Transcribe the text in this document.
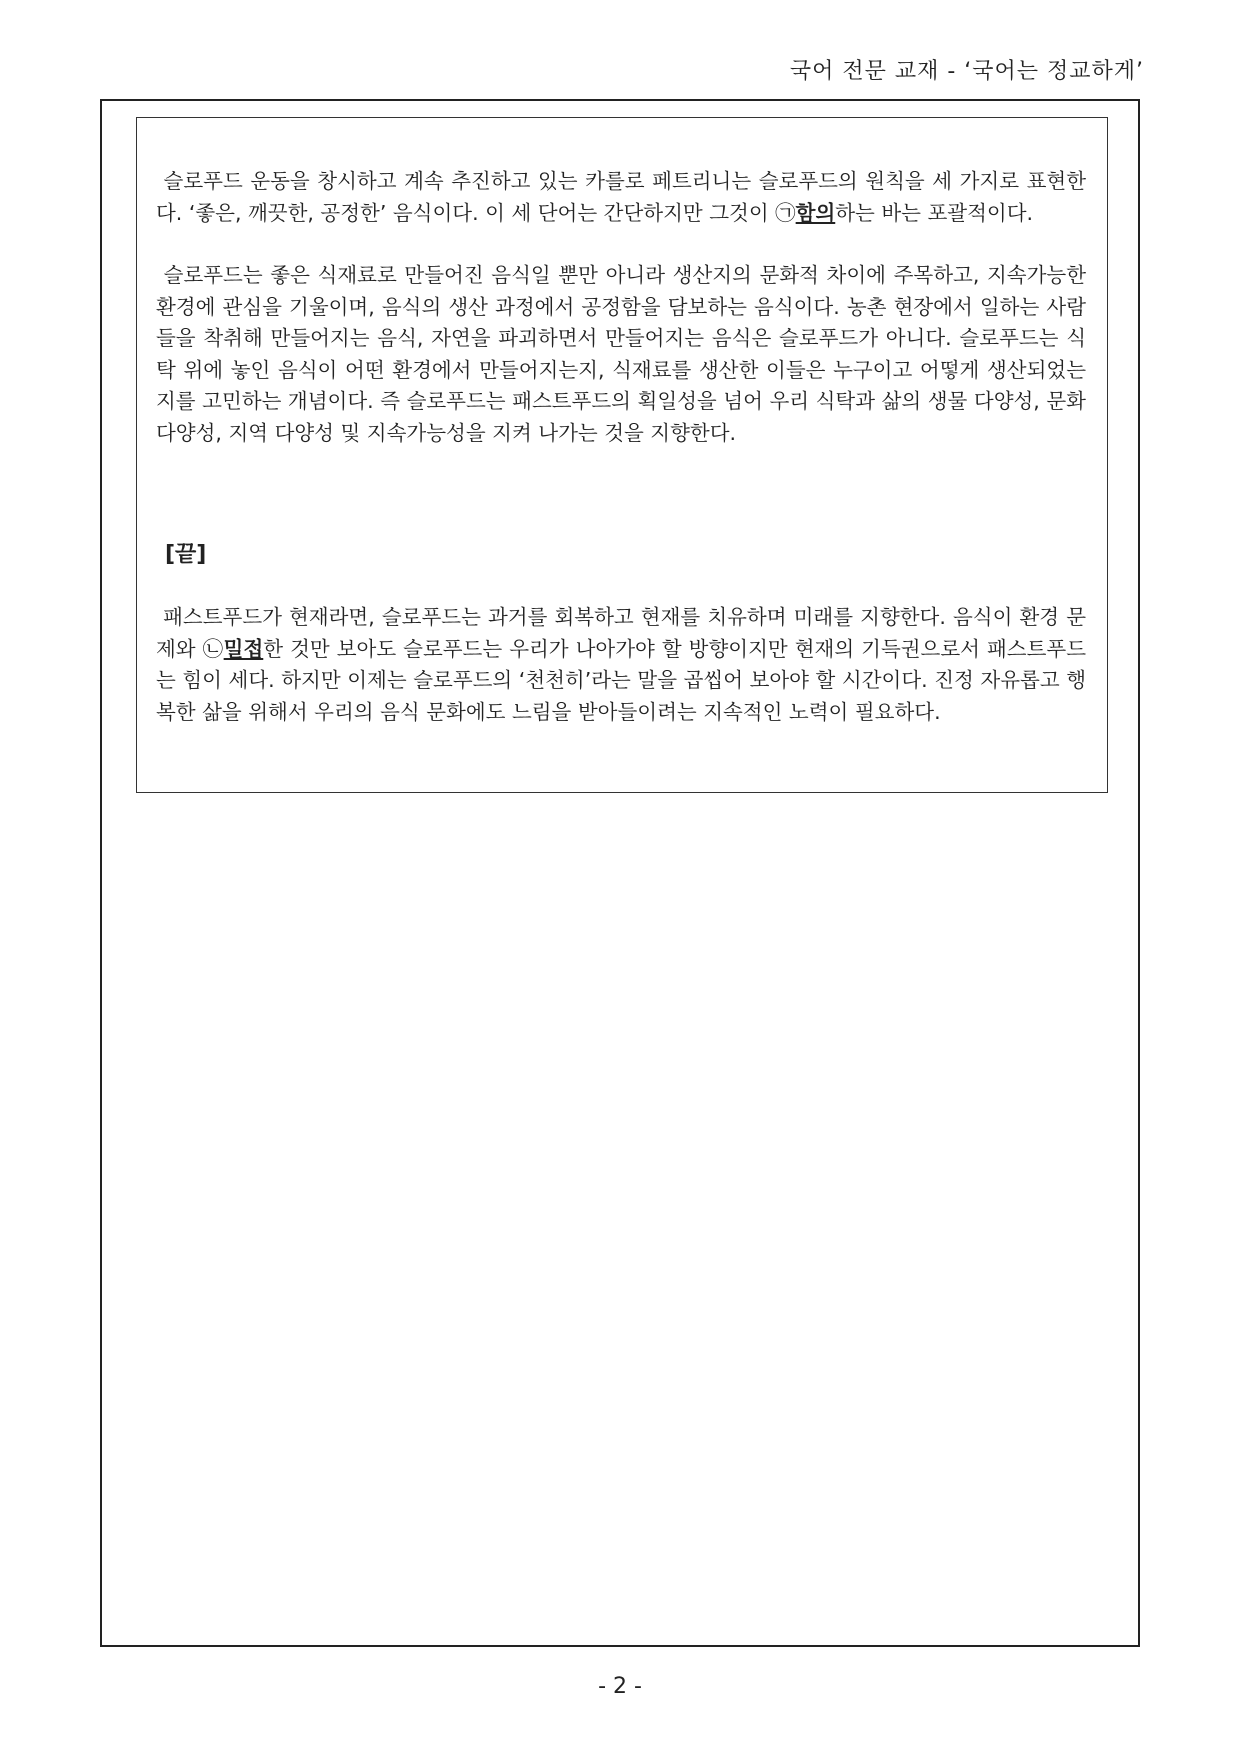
국어 전문 교재 - ‘국어는 정교하게’

슬로푸드 운동을 창시하고 계속 추진하고 있는 카를로 페트리니는 슬로푸드의 원칙을 세 가지로 표현한다. ‘좋은, 깨끗한, 공정한’ 음식이다. 이 세 단어는 간단하지만 그것이 ㉠함의하는 바는 포괄적이다.

슬로푸드는 좋은 식재료로 만들어진 음식일 뿐만 아니라 생산지의 문화적 차이에 주목하고, 지속가능한 환경에 관심을 기울이며, 음식의 생산 과정에서 공정함을 담보하는 음식이다. 농촌 현장에서 일하는 사람들을 착취해 만들어지는 음식, 자연을 파괴하면서 만들어지는 음식은 슬로푸드가 아니다. 슬로푸드는 식탁 위에 놓인 음식이 어떤 환경에서 만들어지는지, 식재료를 생산한 이들은 누구이고 어떻게 생산되었는지를 고민하는 개념이다. 즉 슬로푸드는 패스트푸드의 획일성을 넘어 우리 식탁과 삶의 생물 다양성, 문화 다양성, 지역 다양성 및 지속가능성을 지켜 나가는 것을 지향한다.

[끝]

패스트푸드가 현재라면, 슬로푸드는 과거를 회복하고 현재를 치유하며 미래를 지향한다. 음식이 환경 문제와 ㉡밀접한 것만 보아도 슬로푸드는 우리가 나아가야 할 방향이지만 현재의 기득권으로서 패스트푸드는 힘이 세다. 하지만 이제는 슬로푸드의 ‘천천히’라는 말을 곱씹어 보아야 할 시간이다. 진정 자유롭고 행복한 삶을 위해서 우리의 음식 문화에도 느림을 받아들이려는 지속적인 노력이 필요하다.

- 2 -
